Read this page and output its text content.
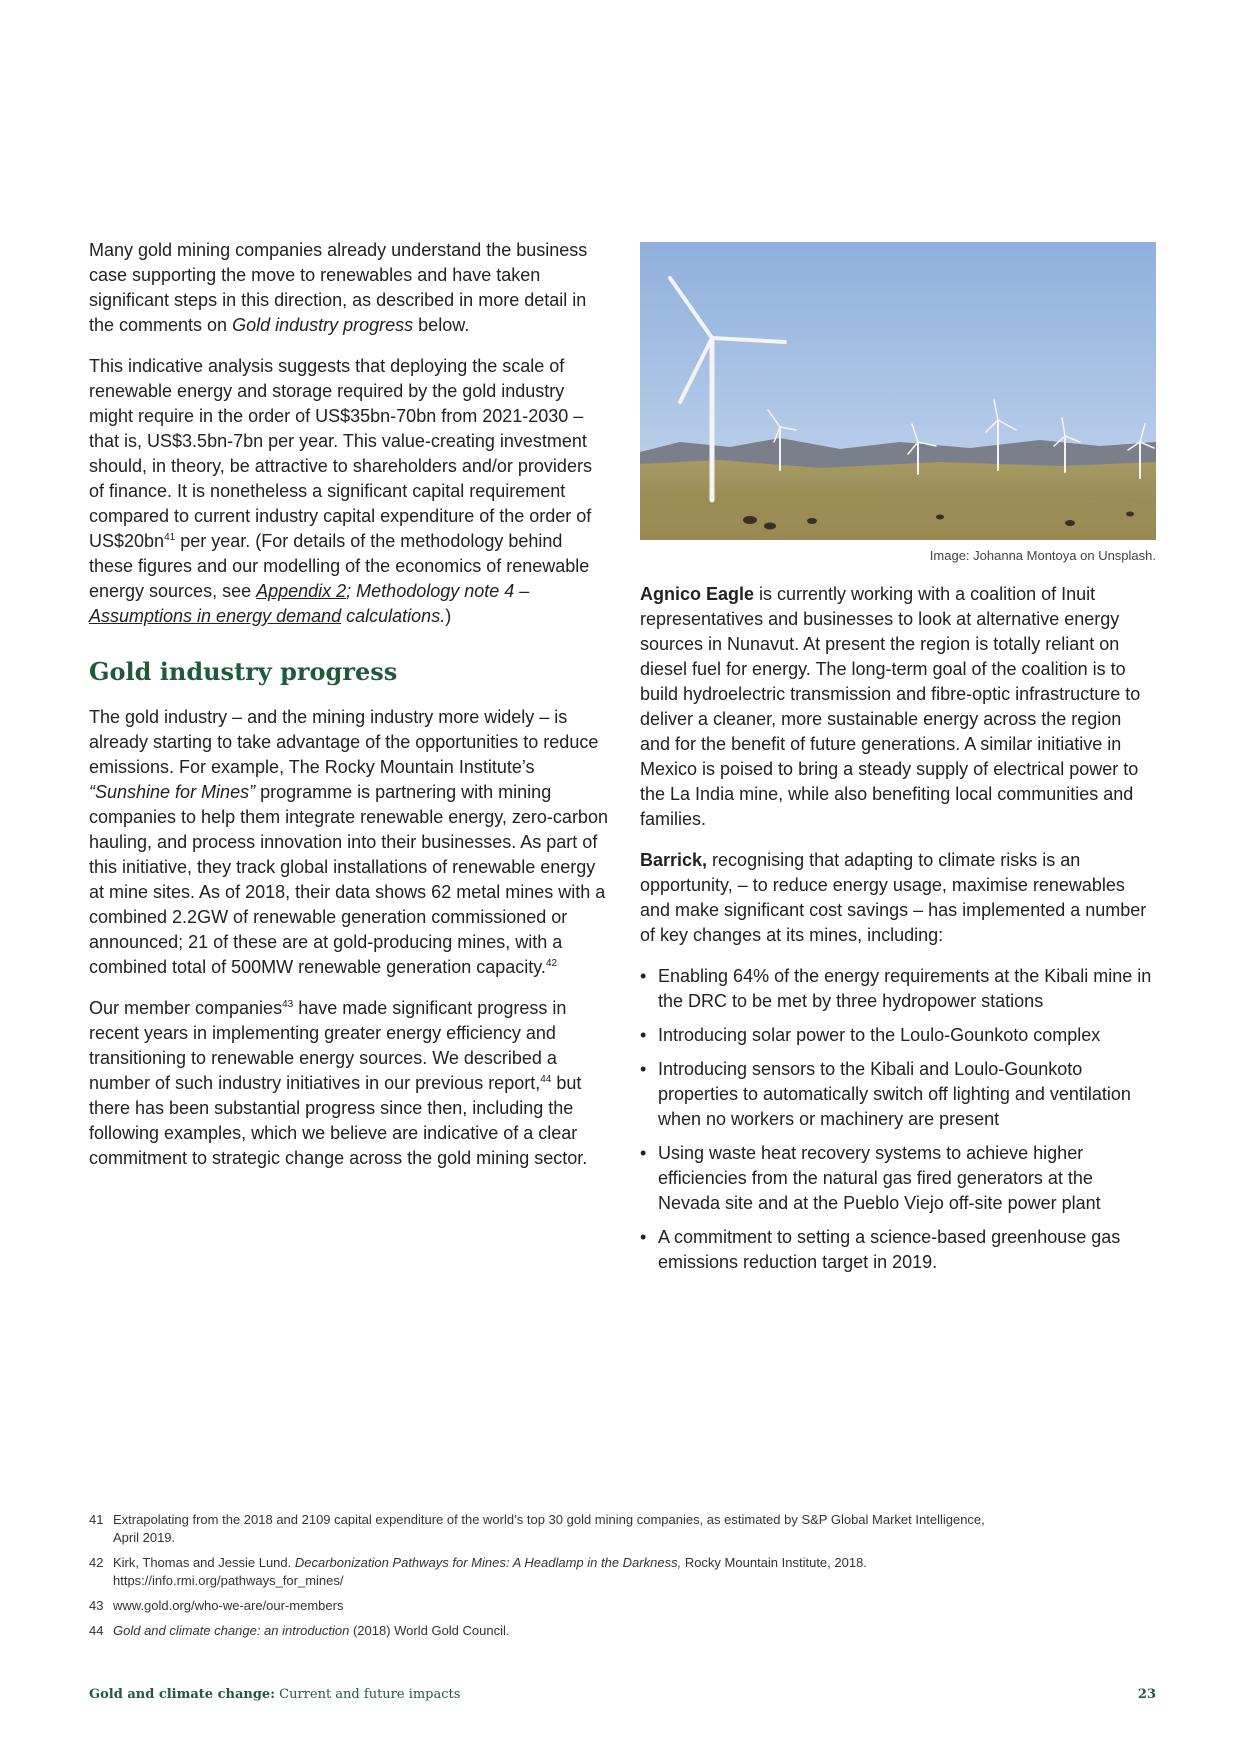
Many gold mining companies already understand the business case supporting the move to renewables and have taken significant steps in this direction, as described in more detail in the comments on Gold industry progress below.

This indicative analysis suggests that deploying the scale of renewable energy and storage required by the gold industry might require in the order of US$35bn-70bn from 2021-2030 – that is, US$3.5bn-7bn per year. This value-creating investment should, in theory, be attractive to shareholders and/or providers of finance. It is nonetheless a significant capital requirement compared to current industry capital expenditure of the order of $US\$20bn^{41}$ per year. (For details of the methodology behind these figures and our modelling of the economics of renewable energy sources, see Appendix 2; Methodology note 4 – Assumptions in energy demand calculations.)

Gold industry progress

The gold industry – and the mining industry more widely – is already starting to take advantage of the opportunities to reduce emissions. For example, The Rocky Mountain Institute’s “Sunshine for Mines” programme is partnering with mining companies to help them integrate renewable energy, zero-carbon hauling, and process innovation into their businesses. As part of this initiative, they track global installations of renewable energy at mine sites. As of 2018, their data shows 62 metal mines with a combined 2.2GW of renewable generation commissioned or announced; 21 of these are at gold-producing mines, with a combined total of 500MW renewable generation capacity.$^{42}$

Our member companies$^{43}$ have made significant progress in recent years in implementing greater energy efficiency and transitioning to renewable energy sources. We described a number of such industry initiatives in our previous report,$^{44}$ but there has been substantial progress since then, including the following examples, which we believe are indicative of a clear commitment to strategic change across the gold mining sector.

Image: Johanna Montoya on Unsplash.

Agnico Eagle is currently working with a coalition of Inuit representatives and businesses to look at alternative energy sources in Nunavut. At present the region is totally reliant on diesel fuel for energy. The long-term goal of the coalition is to build hydroelectric transmission and fibre-optic infrastructure to deliver a cleaner, more sustainable energy across the region and for the benefit of future generations. A similar initiative in Mexico is poised to bring a steady supply of electrical power to the La India mine, while also benefiting local communities and families.

Barrick, recognising that adapting to climate risks is an opportunity, – to reduce energy usage, maximise renewables and make significant cost savings – has implemented a number of key changes at its mines, including:

• Enabling 64% of the energy requirements at the Kibali mine in the DRC to be met by three hydropower stations
• Introducing solar power to the Loulo-Gounkoto complex
• Introducing sensors to the Kibali and Loulo-Gounkoto properties to automatically switch off lighting and ventilation when no workers or machinery are present
• Using waste heat recovery systems to achieve higher efficiencies from the natural gas fired generators at the Nevada site and at the Pueblo Viejo off-site power plant
• A commitment to setting a science-based greenhouse gas emissions reduction target in 2019.
41 Extrapolating from the 2018 and 2109 capital expenditure of the world’s top 30 gold mining companies, as estimated by S&P Global Market Intelligence, April 2019.
42 Kirk, Thomas and Jessie Lund. Decarbonization Pathways for Mines: A Headlamp in the Darkness, Rocky Mountain Institute, 2018. https://info.rmi.org/pathways_for_mines/
43 www.gold.org/who-we-are/our-members
44 Gold and climate change: an introduction (2018) World Gold Council.
Gold and climate change: Current and future impacts	23
